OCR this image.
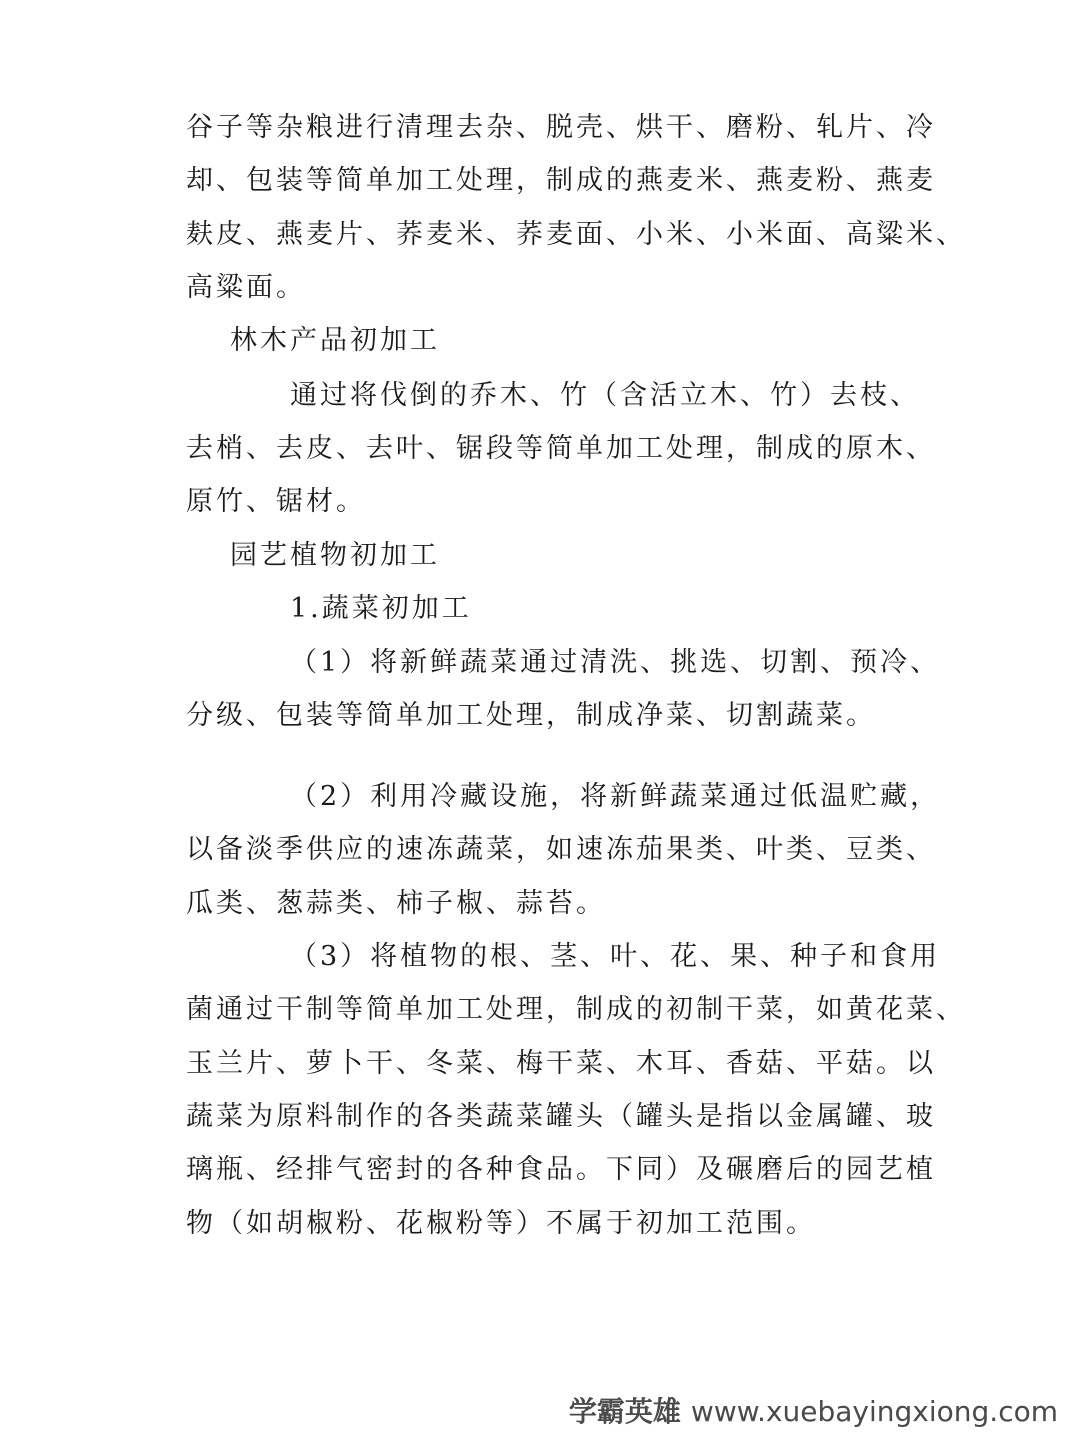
谷子等杂粮进行清理去杂、脱壳、烘干、磨粉、轧片、冷
却、包装等简单加工处理，制成的燕麦米、燕麦粉、燕麦
麸皮、燕麦片、荞麦米、荞麦面、小米、小米面、高粱米、
高粱面。
林木产品初加工
通过将伐倒的乔木、竹（含活立木、竹）去枝、
去梢、去皮、去叶、锯段等简单加工处理，制成的原木、
原竹、锯材。
园艺植物初加工
1.蔬菜初加工
（1）将新鲜蔬菜通过清洗、挑选、切割、预冷、
分级、包装等简单加工处理，制成净菜、切割蔬菜。
（2）利用冷藏设施，将新鲜蔬菜通过低温贮藏，
以备淡季供应的速冻蔬菜，如速冻茄果类、叶类、豆类、
瓜类、葱蒜类、柿子椒、蒜苔。
（3）将植物的根、茎、叶、花、果、种子和食用
菌通过干制等简单加工处理，制成的初制干菜，如黄花菜、
玉兰片、萝卜干、冬菜、梅干菜、木耳、香菇、平菇。以
蔬菜为原料制作的各类蔬菜罐头（罐头是指以金属罐、玻
璃瓶、经排气密封的各种食品。下同）及碾磨后的园艺植
物（如胡椒粉、花椒粉等）不属于初加工范围。
学霸英雄 www.xuebayingxiong.com
